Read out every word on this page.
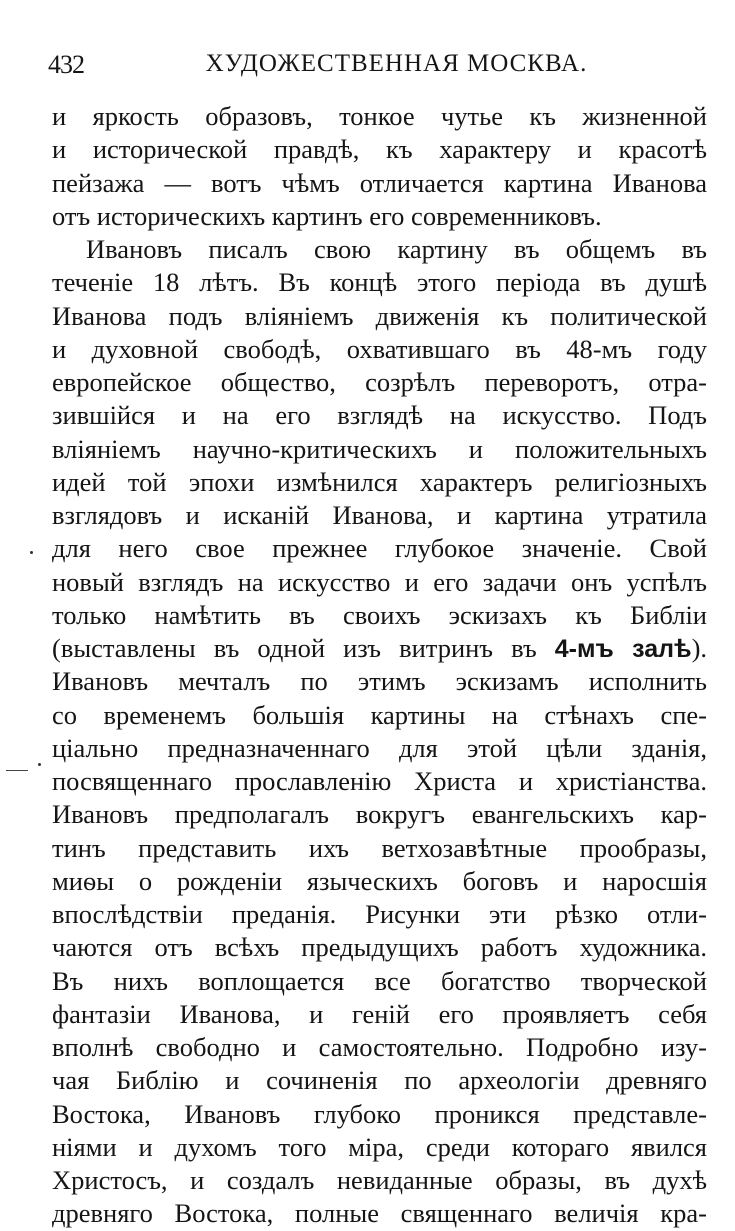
432	ХУДОЖЕСТВЕННАЯ МОСКВА.
и яркость образовъ, тонкое чутье къ жизненной
и исторической правдѣ, къ характеру и красотѣ
пейзажа — вотъ чѣмъ отличается картина Иванова
отъ историческихъ картинъ его современниковъ.
Ивановъ писалъ свою картину въ общемъ въ
теченіе 18 лѣтъ. Въ концѣ этого періода въ душѣ
Иванова подъ вліяніемъ движенія къ политической
и духовной свободѣ, охватившаго въ 48-мъ году
европейское общество, созрѣлъ переворотъ, отра-
зившійся и на его взглядѣ на искусство. Подъ
вліяніемъ научно-критическихъ и положительныхъ
идей той эпохи измѣнился характеръ религіозныхъ
взглядовъ и исканій Иванова, и картина утратила
для него свое прежнее глубокое значеніе. Свой
новый взглядъ на искусство и его задачи онъ успѣлъ
только намѣтить въ своихъ эскизахъ къ Библіи
(выставлены въ одной изъ витринъ въ 4-мъ залѣ).
Ивановъ мечталъ по этимъ эскизамъ исполнить
со временемъ большія картины на стѣнахъ спе-
ціально предназначеннаго для этой цѣли зданія,
посвященнаго прославленію Христа и христіанства.
Ивановъ предполагалъ вокругъ евангельскихъ кар-
тинъ представить ихъ ветхозавѣтные прообразы,
миѳы о рожденіи языческихъ боговъ и наросшія
впослѣдствіи преданія. Рисунки эти рѣзко отли-
чаются отъ всѣхъ предыдущихъ работъ художника.
Въ нихъ воплощается все богатство творческой
фантазіи Иванова, и геній его проявляетъ себя
вполнѣ свободно и самостоятельно. Подробно изу-
чая Библію и сочиненія по археологіи древняго
Востока, Ивановъ глубоко проникся представле-
ніями и духомъ того міра, среди котораго явился
Христосъ, и создалъ невиданные образы, въ духѣ
древняго Востока, полные священнаго величія кра-
